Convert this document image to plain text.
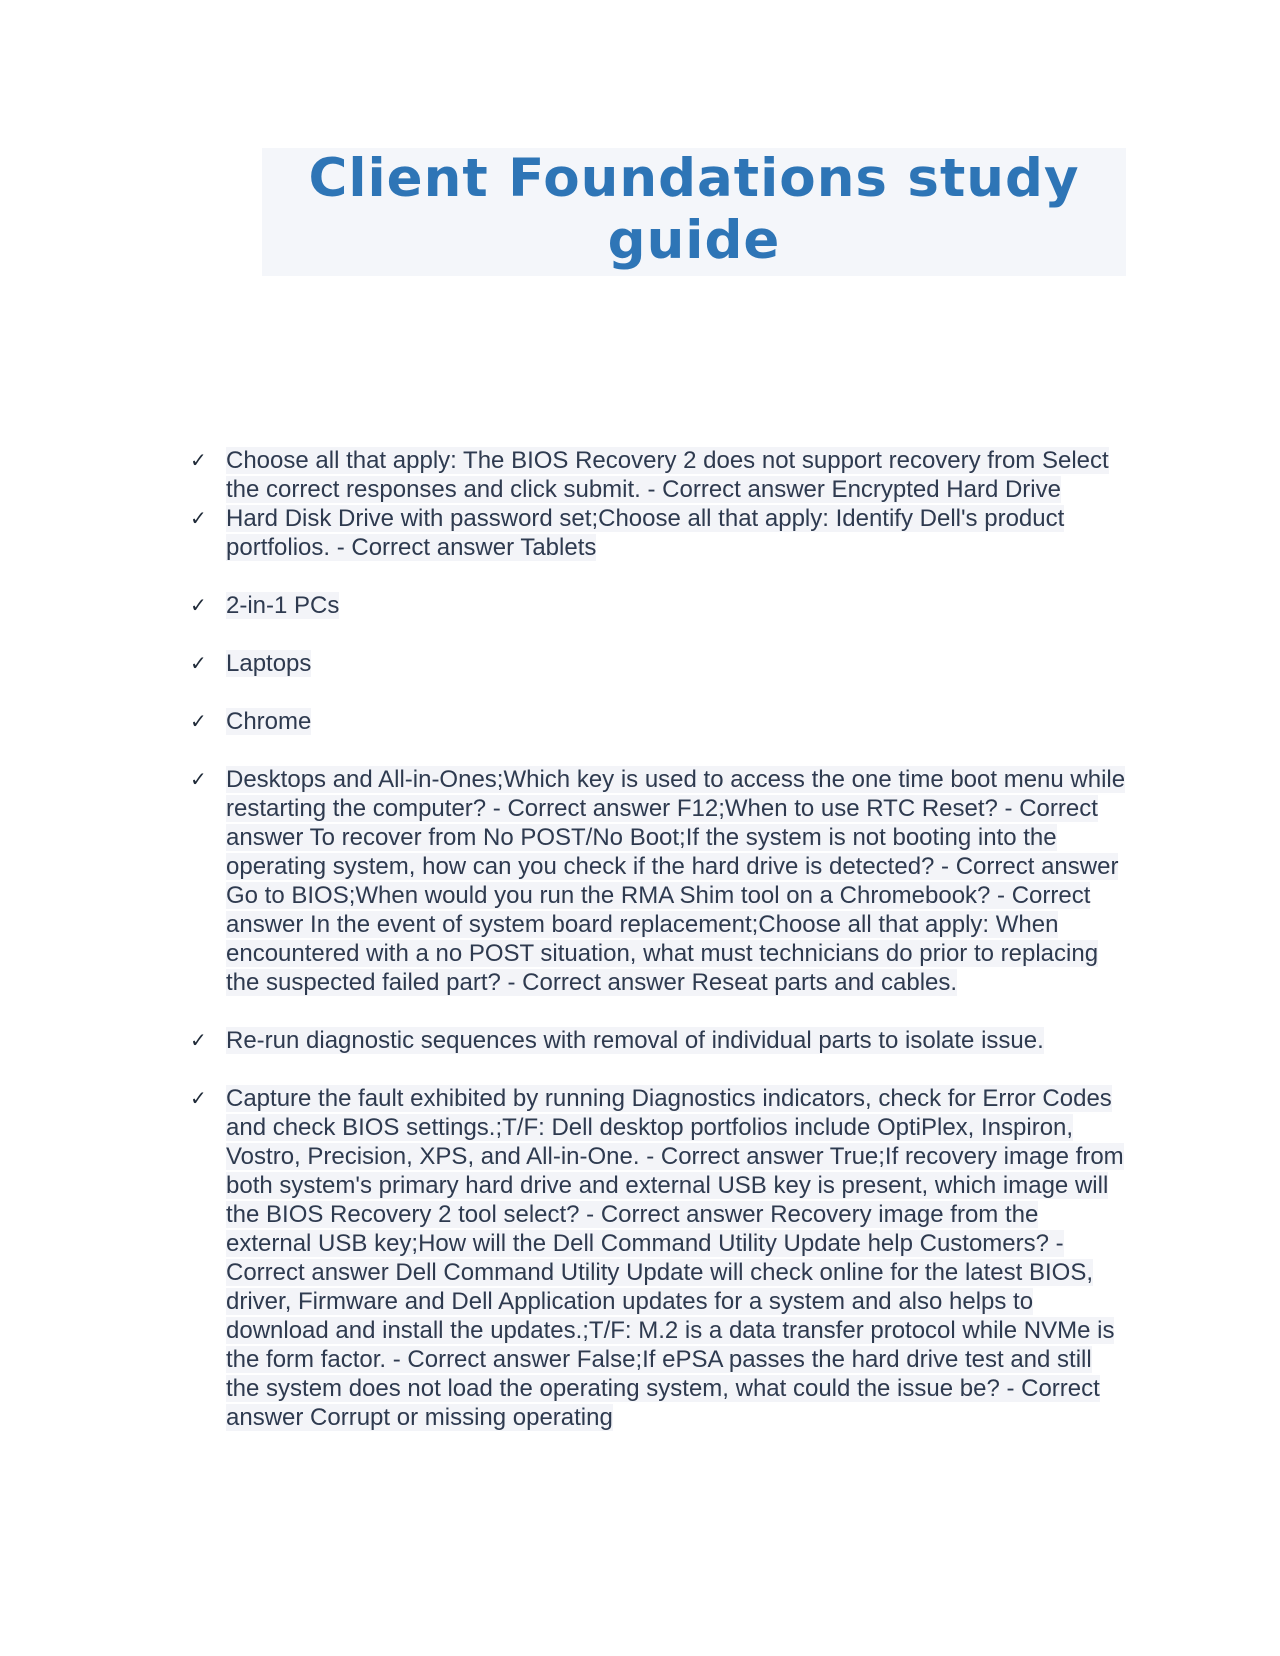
Client Foundations study
guide
✓ Choose all that apply: The BIOS Recovery 2 does not support recovery from Select the correct responses and click submit. - Correct answer Encrypted Hard Drive
✓ Hard Disk Drive with password set;Choose all that apply: Identify Dell's product portfolios. - Correct answer Tablets
✓ 2-in-1 PCs
✓ Laptops
✓ Chrome
✓ Desktops and All-in-Ones;Which key is used to access the one time boot menu while restarting the computer? - Correct answer F12;When to use RTC Reset? - Correct answer To recover from No POST/No Boot;If the system is not booting into the operating system, how can you check if the hard drive is detected? - Correct answer Go to BIOS;When would you run the RMA Shim tool on a Chromebook? - Correct answer In the event of system board replacement;Choose all that apply: When encountered with a no POST situation, what must technicians do prior to replacing the suspected failed part? - Correct answer Reseat parts and cables.
✓ Re-run diagnostic sequences with removal of individual parts to isolate issue.
✓ Capture the fault exhibited by running Diagnostics indicators, check for Error Codes and check BIOS settings.;T/F: Dell desktop portfolios include OptiPlex, Inspiron, Vostro, Precision, XPS, and All-in-One. - Correct answer True;If recovery image from both system's primary hard drive and external USB key is present, which image will the BIOS Recovery 2 tool select? - Correct answer Recovery image from the external USB key;How will the Dell Command Utility Update help Customers? - Correct answer Dell Command Utility Update will check online for the latest BIOS, driver, Firmware and Dell Application updates for a system and also helps to download and install the updates.;T/F: M.2 is a data transfer protocol while NVMe is the form factor. - Correct answer False;If ePSA passes the hard drive test and still the system does not load the operating system, what could the issue be? - Correct answer Corrupt or missing operating
